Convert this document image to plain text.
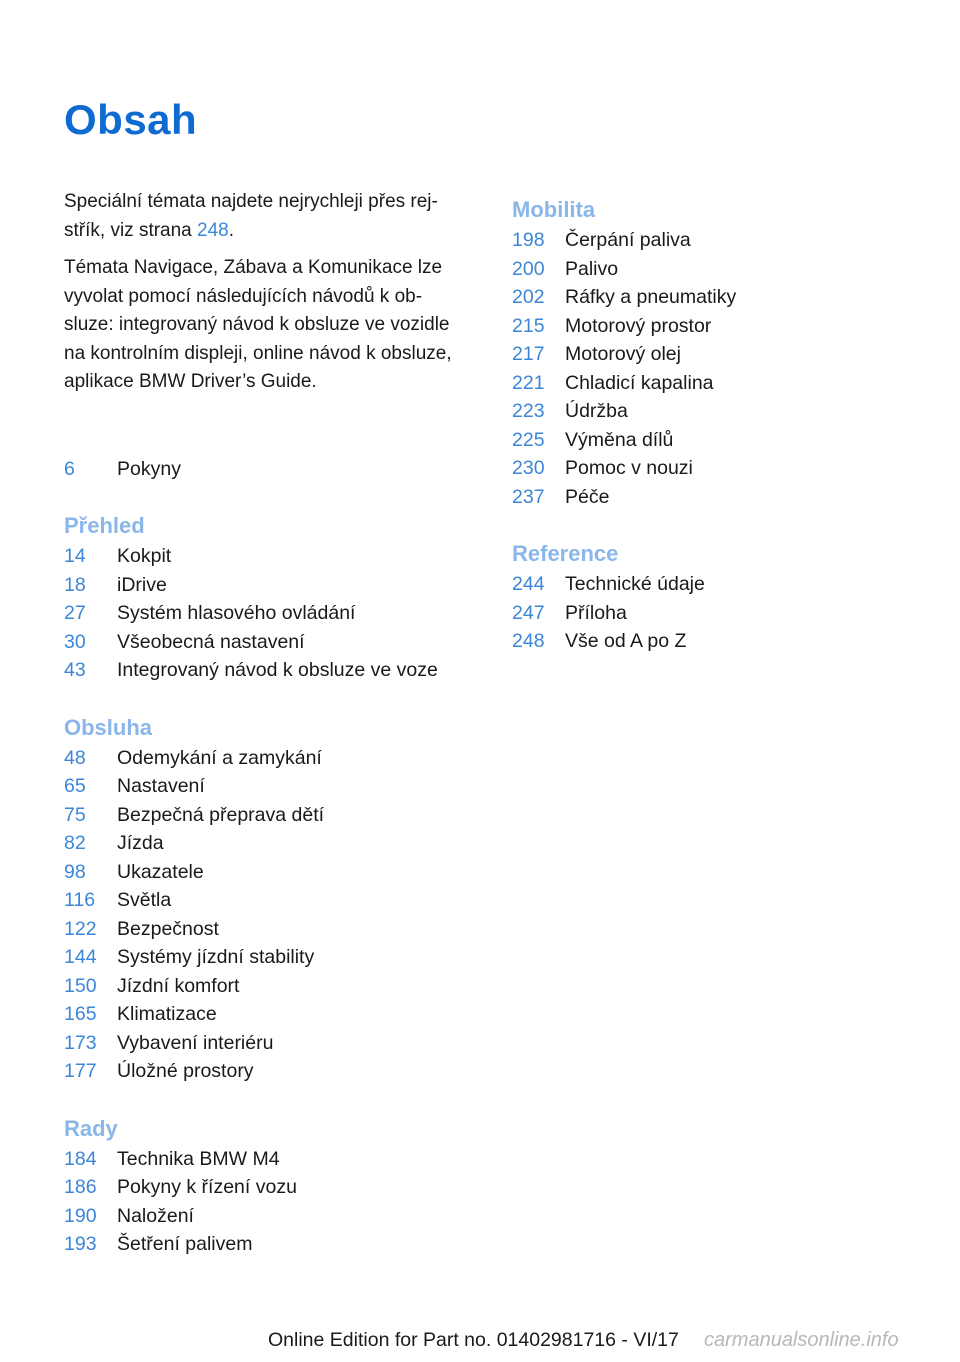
Obsah

Speciální témata najdete nejrychleji přes rej‐ střík, viz strana 248.

Témata Navigace, Zábava a Komunikace lze vyvolat pomocí následujících návodů k ob‐ sluze: integrovaný návod k obsluze ve vozidle na kontrolním displeji, online návod k obsluze, aplikace BMW Driver’s Guide.

6	Pokyny
Přehled
14	Kokpit
18	iDrive
27	Systém hlasového ovládání
30	Všeobecná nastavení
43	Integrovaný návod k obsluze ve voze
Obsluha
48	Odemykání a zamykání
65	Nastavení
75	Bezpečná přeprava dětí
82	Jízda
98	Ukazatele
116	Světla
122	Bezpečnost
144	Systémy jízdní stability
150	Jízdní komfort
165	Klimatizace
173	Vybavení interiéru
177	Úložné prostory
Rady
184	Technika BMW M4
186	Pokyny k řízení vozu
190	Naložení
193	Šetření palivem
Mobilita
198	Čerpání paliva
200	Palivo
202	Ráfky a pneumatiky
215	Motorový prostor
217	Motorový olej
221	Chladicí kapalina
223	Údržba
225	Výměna dílů
230	Pomoc v nouzi
237	Péče
Reference
244	Technické údaje
247	Příloha
248	Vše od A po Z
Online Edition for Part no. 01402981716 - VI/17 carmanualsonline.info
